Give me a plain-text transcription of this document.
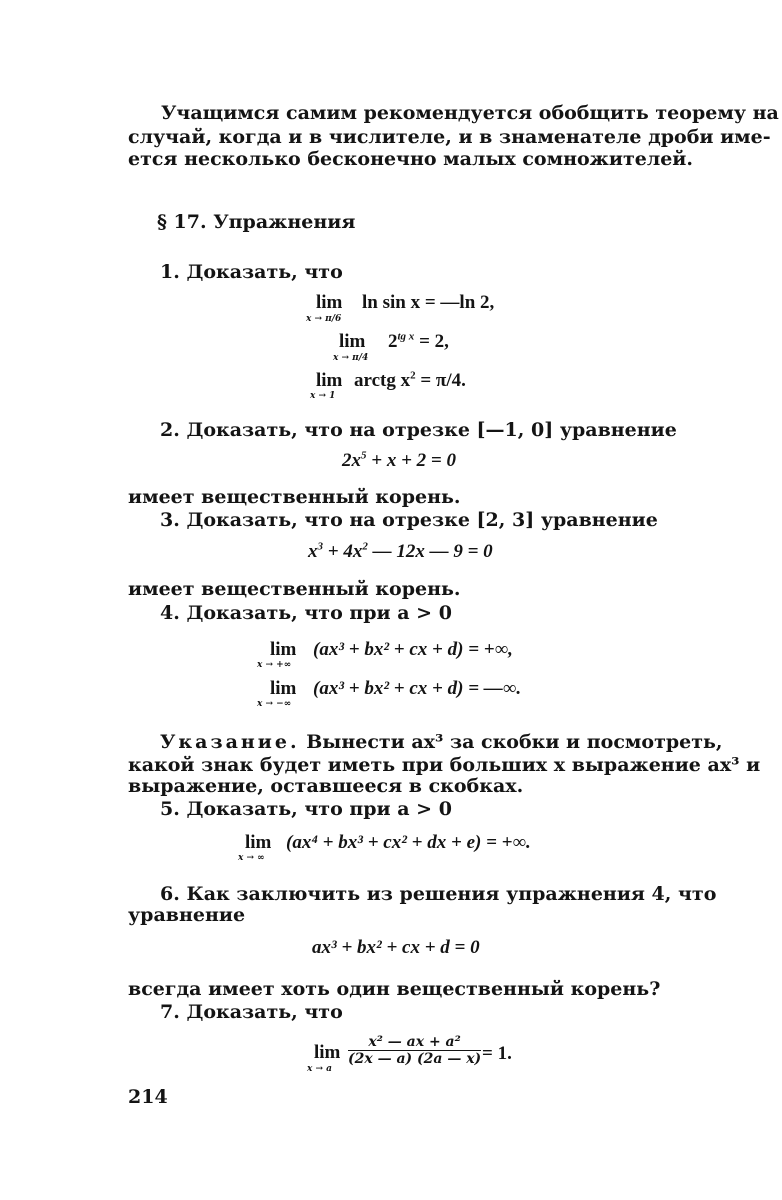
Учащимся самим рекомендуется обобщить теорему на
случай, когда и в числителе, и в знаменателе дроби име-
ется несколько бесконечно малых сомножителей.
§ 17. Упражнения
1. Доказать, что
lim
x → π/6
ln sin x = —ln 2,
lim
x → π/4
$2^{tg x} = 2$,
lim
x → 1
arctg $x^2 = \pi/4$.
2. Доказать, что на отрезке [—1, 0] уравнение
$2x^5 + x + 2 = 0$
имеет вещественный корень.
3. Доказать, что на отрезке [2, 3] уравнение
$x^3 + 4x^2$ — 12x — 9 = 0
имеет вещественный корень.
4. Доказать, что при a > 0
lim
x → +∞
(ax³ + bx² + cx + d) = +∞,
lim
x → −∞
(ax³ + bx² + cx + d) = —∞.
Указание. Вынести ax³ за скобки и посмотреть,
какой знак будет иметь при больших x выражение ax³ и
выражение, оставшееся в скобках.
5. Доказать, что при a > 0
lim
x → ∞
(ax⁴ + bx³ + cx² + dx + e) = +∞.
6. Как заключить из решения упражнения 4, что
уравнение
ax³ + bx² + cx + d = 0
всегда имеет хоть один вещественный корень?
7. Доказать, что
lim
x → a
$\frac{\text{x² — ax + a²}}{(2x — a) (2a — x)} = 1$.
214
